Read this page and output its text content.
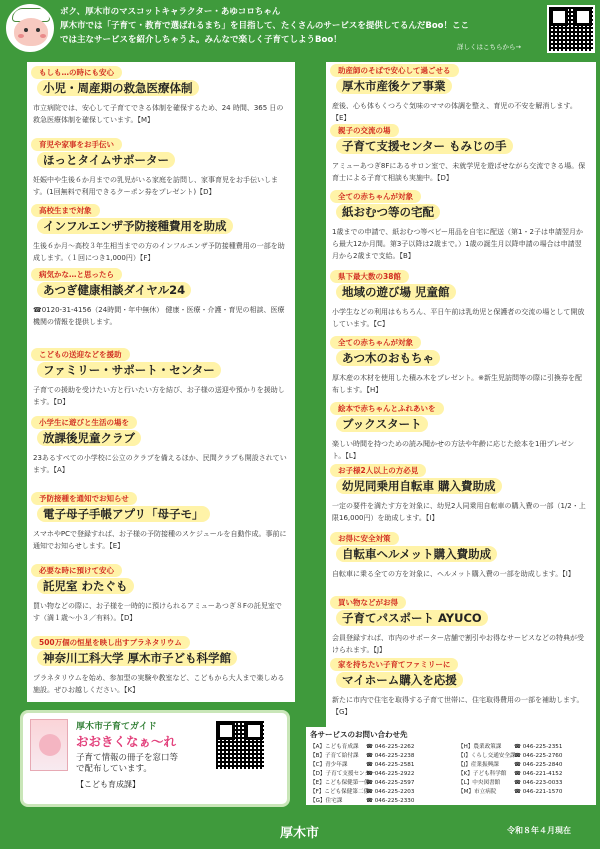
ボク、厚木市のマスコットキャラクター・あゆコロちゃん
厚木市では「子育て・教育で選ばれるまち」を目指して、たくさんのサービスを提供してるんだBoo！ここ
では主なサービスを紹介しちゃうよ。みんなで楽しく子育てしようBoo！
詳しくはこちらから→
もしも…の時にも安心
小児・周産期の救急医療体制
市立病院では、安心して子育てできる体制を確保するため、24 時間、365 日の救急医療体制を確保しています。【M】
育児や家事をお手伝い
ほっとタイムサポーター
妊娠中や生後６か月までの乳児がいる家庭を訪問し、家事育児をお手伝いします。(1回無料で利用できるクーポン券をプレゼント)【D】
高校生まで対象
インフルエンザ予防接種費用を助成
生後６か月～高校３年生相当までの方のインフルエンザ予防接種費用の一部を助成します。（１回につき1,000円）【F】
病気かな…と思ったら
あつぎ健康相談ダイヤル24
☎0120-31-4156（24時間・年中無休） 健康・医療・介護・育児の相談、医療機関の情報を提供します。
こどもの送迎などを援助
ファミリー・サポート・センター
子育ての援助を受けたい方と行いたい方を結び、お子様の送迎や預かりを援助します。【D】
小学生に遊びと生活の場を
放課後児童クラブ
23あるすべての小学校に公立のクラブを備えるほか、民間クラブも開設されています。【A】
予防接種を通知でお知らせ
電子母子手帳アプリ「母子モ」
スマホやPCで登録すれば、お子様の予防接種のスケジュールを自動作成。事前に通知でお知らせします。【E】
必要な時に預けて安心
託児室 わたぐも
買い物などの際に、お子様を一時的に預けられるアミューあつぎ８Fの託児室です（満１歳～小３／有料）。【D】
500万個の恒星を映し出すプラネタリウム
神奈川工科大学 厚木市子ども科学館
プラネタリウムを始め、参加型の実験や教室など、こどもから大人まで楽しめる施設。ぜひお越しください。【K】
助産師のそばで安心して過ごせる
厚木市産後ケア事業
産後、心も体もくつろぐ気味のママの体調を整え、育児の不安を解消します。【E】
親子の交流の場
子育て支援センター もみじの手
アミューあつぎ8Fにあるサロン室で、未就学児を遊ばせながら交流できる場。保育士による子育て相談も実施中。【D】
全ての赤ちゃんが対象
紙おむつ等の宅配
1歳までの申請で、紙おむつ等ベビー用品を自宅に配送（第1・2子は申請翌月から最大12か月間。第3子以降は2歳まで。）1歳の誕生月以降申請の場合は申請翌月から2歳まで支給。【B】
県下最大数の38館
地域の遊び場 児童館
小学生などの利用はもちろん、平日午前は乳幼児と保護者の交流の場として開放しています。【C】
全ての赤ちゃんが対象
あつ木のおもちゃ
厚木産の木材を使用した積み木をプレゼント。※新生児訪問等の際に引換券を配布します。【H】
絵本で赤ちゃんとふれあいを
ブックスタート
楽しい時間を持つための読み聞かせの方法や年齢に応じた絵本を1冊プレゼント。【L】
お子様2人以上の方必見
幼児同乗用自転車 購入費助成
一定の要件を満たす方を対象に、幼児2人同乗用自転車の購入費の一部（1/2・上限16,000円）を助成します。【I】
お得に安全対策
自転車ヘルメット購入費助成
自転車に乗る全ての方を対象に、ヘルメット購入費の一部を助成します。【I】
買い物などがお得
子育てパスポート AYUCO
会員登録すれば、市内のサポーター店舗で割引やお得なサービスなどの特典が受けられます。【J】
家を持ちたい子育てファミリーに
マイホーム購入を応援
新たに市内で住宅を取得する子育て世帯に、住宅取得費用の一部を補助します。【G】
厚木市子育てガイド
おおきくなぁ～れ
子育て情報の冊子を窓口等で配布しています。
【こども育成課】
各サービスのお問い合わせ先
【A】こども育成課 ☎ 046-225-2262
【B】子育て給付課 ☎ 046-225-2238
【C】青少年課	☎ 046-225-2581
【D】子育て支援センター☎ 046-225-2922
【E】こども保健第一係☎ 046-225-2597
【F】こども保健第二係☎ 046-225-2203
【G】住宅課	☎ 046-225-2330
【H】農業政策課 ☎ 046-225-2351
【I】くらし交通安全課☎ 046-225-2760
【J】産業振興課	☎ 046-225-2840
【K】子ども科学館 ☎ 046-221-4152
【L】中央図書館 ☎ 046-223-0033
【M】市立病院	☎ 046-221-1570
厚木市	令和８年４月現在
